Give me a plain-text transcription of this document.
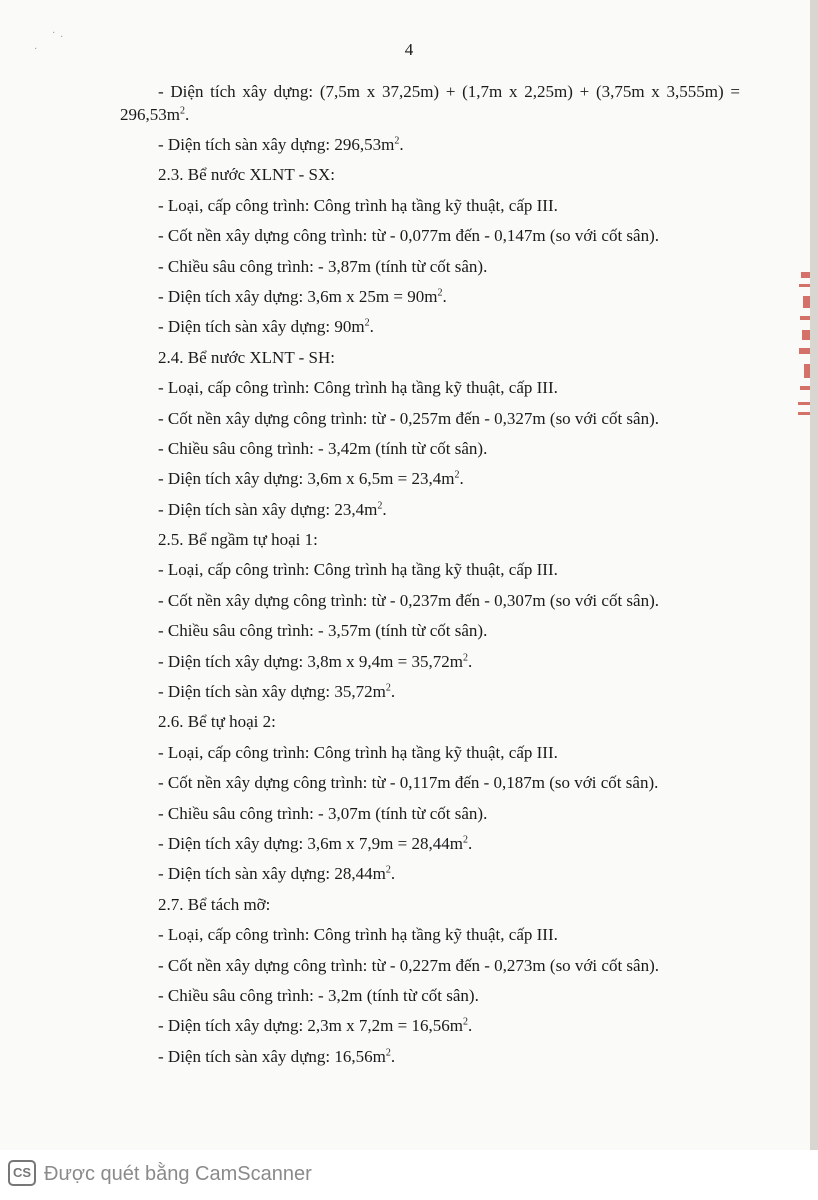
· ·
·	4

- Diện tích xây dựng: (7,5m x 37,25m) + (1,7m x 2,25m) + (3,75m x $3,555m) = 296,53m^2$.

- Diện tích sàn xây dựng: $296,53m^2$.

2.3. Bể nước XLNT - SX:

- Loại, cấp công trình: Công trình hạ tầng kỹ thuật, cấp III.

- Cốt nền xây dựng công trình: từ - 0,077m đến - 0,147m (so với cốt sân).

- Chiều sâu công trình: - 3,87m (tính từ cốt sân).

- Diện tích xây dựng: 3,6m x $25m = 90m^2$.

- Diện tích sàn xây dựng: $90m^2$.

2.4. Bể nước XLNT - SH:

- Loại, cấp công trình: Công trình hạ tầng kỹ thuật, cấp III.

- Cốt nền xây dựng công trình: từ - 0,257m đến - 0,327m (so với cốt sân).

- Chiều sâu công trình: - 3,42m (tính từ cốt sân).

- Diện tích xây dựng: 3,6m x $6,5m = 23,4m^2$.

- Diện tích sàn xây dựng: $23,4m^2$.

2.5. Bể ngầm tự hoại 1:

- Loại, cấp công trình: Công trình hạ tầng kỹ thuật, cấp III.

- Cốt nền xây dựng công trình: từ - 0,237m đến - 0,307m (so với cốt sân).

- Chiều sâu công trình: - 3,57m (tính từ cốt sân).

- Diện tích xây dựng: 3,8m x $9,4m = 35,72m^2$.

- Diện tích sàn xây dựng: $35,72m^2$.

2.6. Bể tự hoại 2:

- Loại, cấp công trình: Công trình hạ tầng kỹ thuật, cấp III.

- Cốt nền xây dựng công trình: từ - 0,117m đến - 0,187m (so với cốt sân).

- Chiều sâu công trình: - 3,07m (tính từ cốt sân).

- Diện tích xây dựng: 3,6m x $7,9m = 28,44m^2$.

- Diện tích sàn xây dựng: $28,44m^2$.

2.7. Bể tách mỡ:

- Loại, cấp công trình: Công trình hạ tầng kỹ thuật, cấp III.

- Cốt nền xây dựng công trình: từ - 0,227m đến - 0,273m (so với cốt sân).

- Chiều sâu công trình: - 3,2m (tính từ cốt sân).

- Diện tích xây dựng: 2,3m x $7,2m = 16,56m^2$.

- Diện tích sàn xây dựng: $16,56m^2$.

CS Được quét bằng CamScanner
